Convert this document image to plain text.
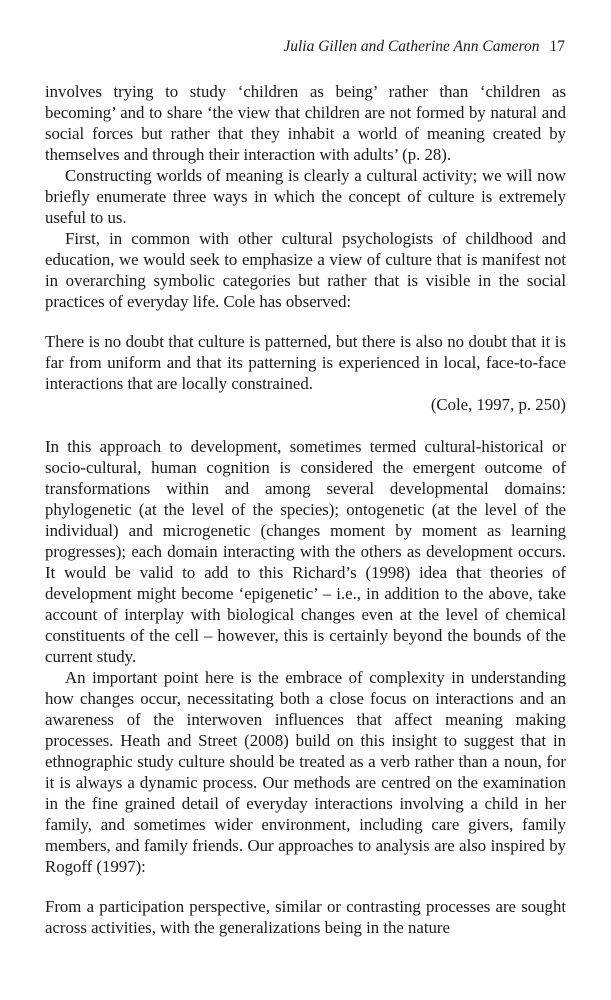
Julia Gillen and Catherine Ann Cameron 17

involves trying to study ‘children as being’ rather than ‘children as becoming’ and to share ‘the view that children are not formed by natural and social forces but rather that they inhabit a world of meaning created by themselves and through their interaction with adults’ (p. 28).

Constructing worlds of meaning is clearly a cultural activity; we will now briefly enumerate three ways in which the concept of culture is extremely useful to us.

First, in common with other cultural psychologists of childhood and education, we would seek to emphasize a view of culture that is manifest not in overarching symbolic categories but rather that is visible in the social practices of everyday life. Cole has observed:

There is no doubt that culture is patterned, but there is also no doubt that it is far from uniform and that its patterning is experienced in local, face-to-face interactions that are locally constrained.

(Cole, 1997, p. 250)

In this approach to development, sometimes termed cultural-historical or socio-cultural, human cognition is considered the emergent outcome of transformations within and among several developmental domains: phylogenetic (at the level of the species); ontogenetic (at the level of the individual) and microgenetic (changes moment by moment as learning progresses); each domain interacting with the others as development occurs. It would be valid to add to this Richard’s (1998) idea that theories of development might become ‘epigenetic’ – i.e., in addition to the above, take account of interplay with biological changes even at the level of chemical constituents of the cell – however, this is certainly beyond the bounds of the current study.

An important point here is the embrace of complexity in understanding how changes occur, necessitating both a close focus on interactions and an awareness of the interwoven influences that affect meaning making processes. Heath and Street (2008) build on this insight to suggest that in ethnographic study culture should be treated as a verb rather than a noun, for it is always a dynamic process. Our methods are centred on the examination in the fine grained detail of everyday interactions involving a child in her family, and sometimes wider environment, including care givers, family members, and family friends. Our approaches to analysis are also inspired by Rogoff (1997):

From a participation perspective, similar or contrasting processes are sought across activities, with the generalizations being in the nature
